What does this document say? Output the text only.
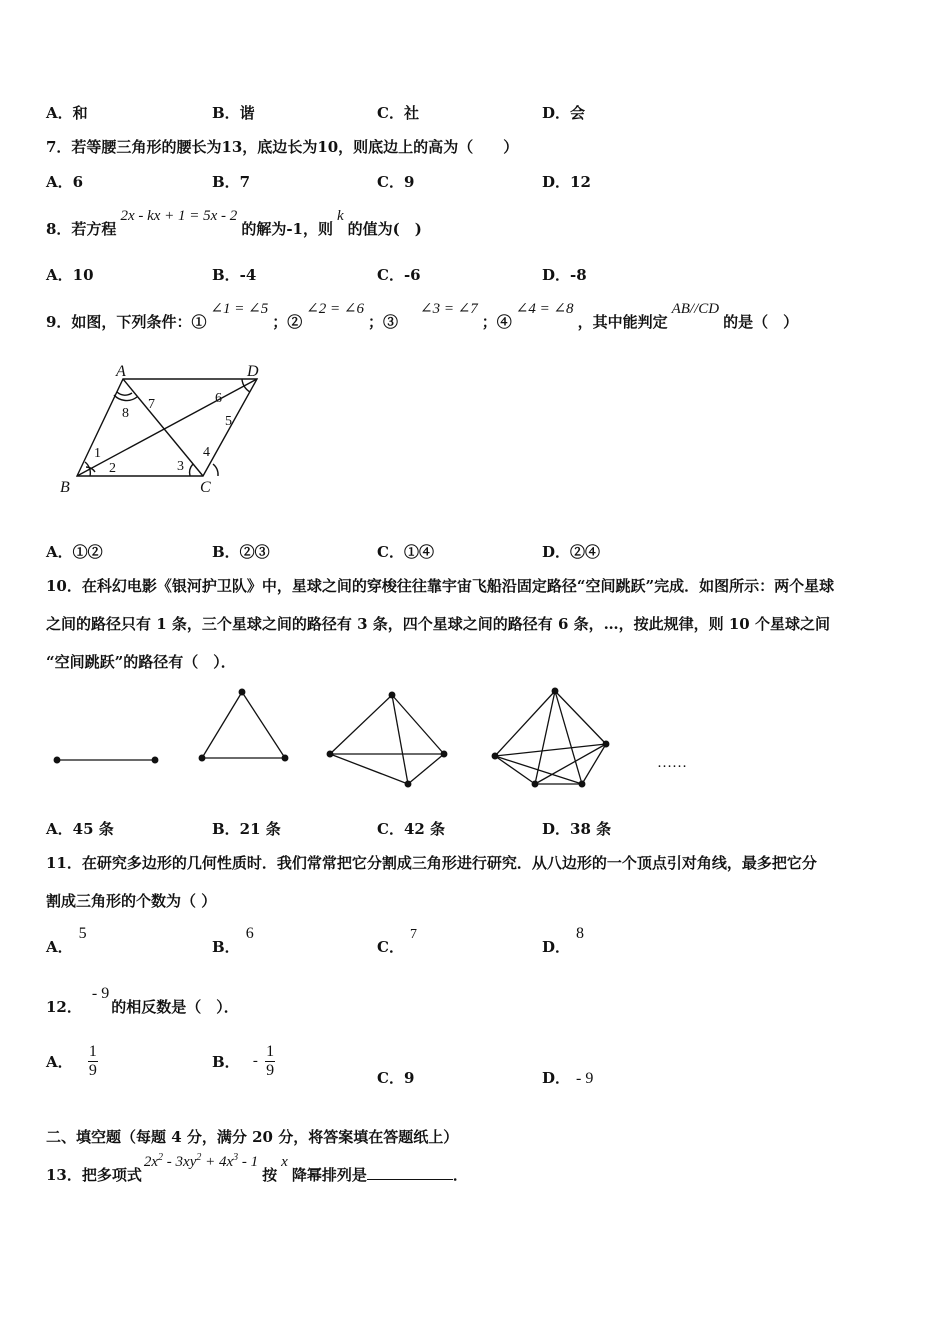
A．和	B．谐	C．社	D．会
7．若等腰三角形的腰长为13，底边长为10，则底边上的高为（　　）
A．6	B．7	C．9	D．12
8．若方程2x - kx + 1 = 5x - 2的解为-1，则k的值为(　)
A．10	B．-4	C．-6	D．-8
9．如图，下列条件：①∠1 = ∠5；②∠2 = ∠6；③∠3 = ∠7；④∠4 = ∠8，其中能判定AB//CD的是（　）
A	D
B	C
1
2	3
4
5
6
7
8
A．①②	B．②③	C．①④	D．②④
10．在科幻电影《银河护卫队》中，星球之间的穿梭往往靠宇宙飞船沿固定路径“空间跳跃”完成．如图所示：两个星球
之间的路径只有 1 条，三个星球之间的路径有 3 条，四个星球之间的路径有 6 条，…，按此规律，则 10 个星球之间
“空间跳跃”的路径有（　）．
……
A．45 条	B．21 条	C．42 条	D．38 条
11．在研究多边形的几何性质时．我们常常把它分割成三角形进行研究．从八边形的一个顶点引对角线，最多把它分
割成三角形的个数为（ ）
A．5
B．6
C．7
D．8
12．- 9的相反数是（　）．
A． $\frac{1}{9}$	B． - $\frac{1}{9}$	C．9	D． - 9
二、填空题（每题 4 分，满分 20 分，将答案填在答题纸上）
13．把多项式$2x^2 - 3xy^2 + 4x^3 - 1$按x降幂排列是	．
